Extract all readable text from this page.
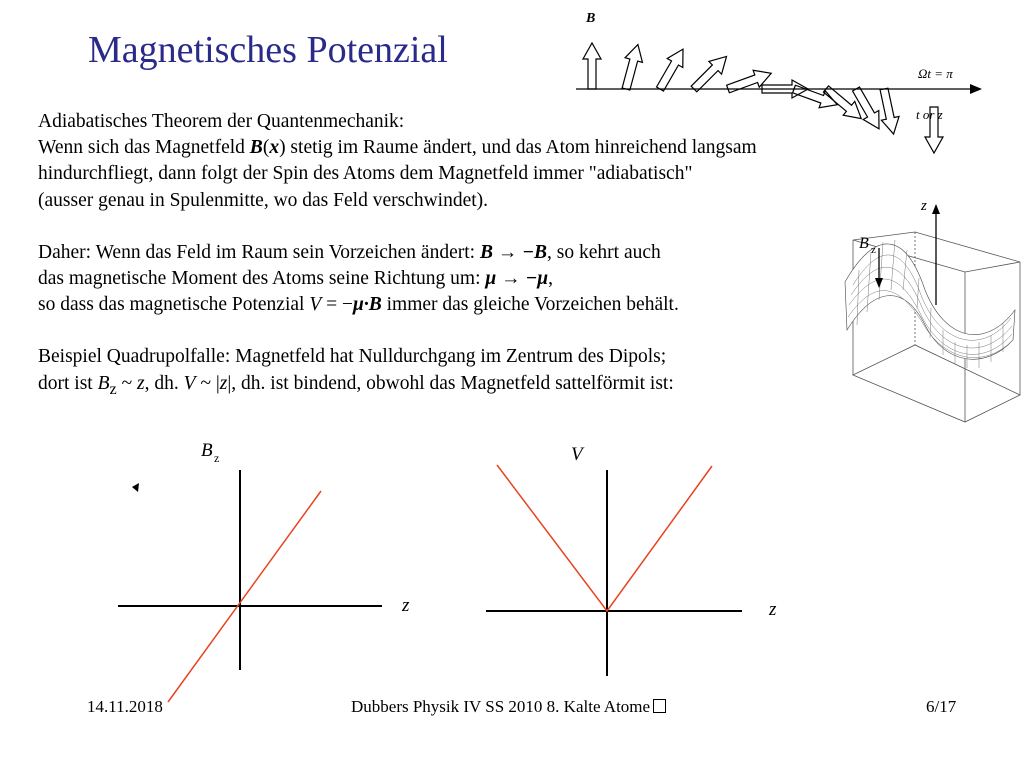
Magnetisches Potenzial
B
Ωt = π
t or z
z
B z

Adiabatisches Theorem der Quantenmechanik:

Wenn sich das Magnetfeld B(x) stetig im Raume ändert, und das Atom hinreichend langsam

hindurchfliegt, dann folgt der Spin des Atoms dem Magnetfeld immer "adiabatisch"

(ausser genau in Spulenmitte, wo das Feld verschwindet).

Daher: Wenn das Feld im Raum sein Vorzeichen ändert: B → −B, so kehrt auch

das magnetische Moment des Atoms seine Richtung um: μ → −μ,

so dass das magnetische Potenzial V = −μ·B immer das gleiche Vorzeichen behält.

Beispiel Quadrupolfalle: Magnetfeld hat Nulldurchgang im Zentrum des Dipols;

dort ist $B_z$ ~ z, dh. V ~ |z|, dh. ist bindend, obwohl das Magnetfeld sattelförmit ist:

B z
z
V
z
14.11.2018	Dubbers Physik IV SS 2010 8. Kalte Atome	6/17
